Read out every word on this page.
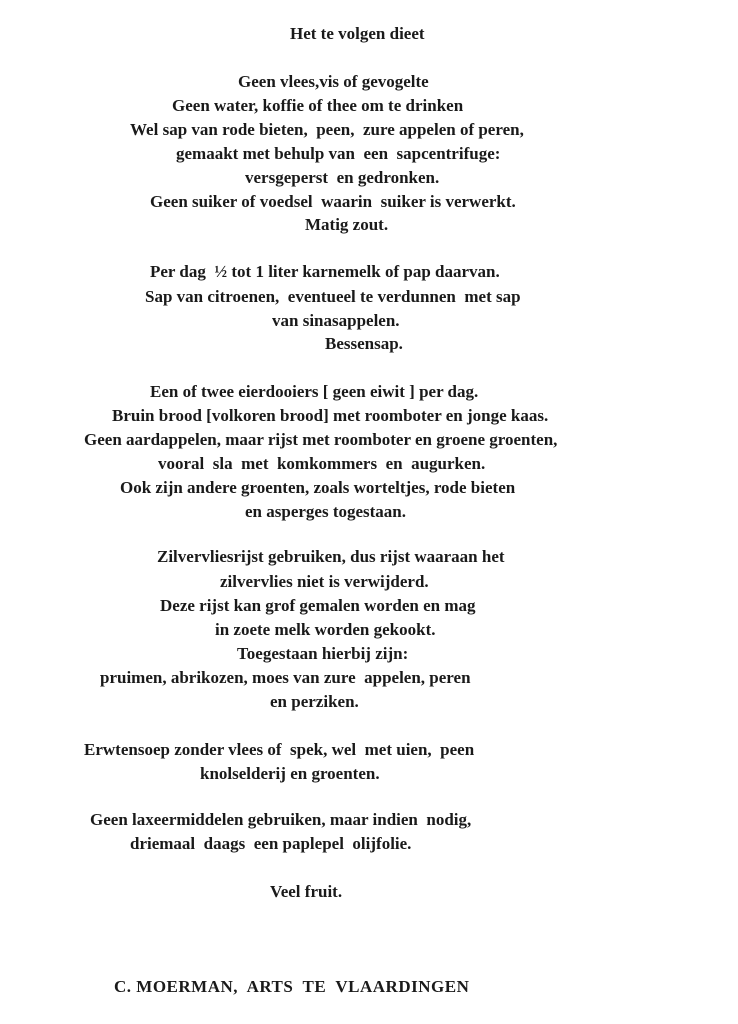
Het te volgen dieet

Geen vlees,vis of gevogelte

Geen water, koffie of thee om te drinken

Wel sap van rode bieten,  peen,  zure appelen of peren,

gemaakt met behulp van  een  sapcentrifuge:

versgeperst  en gedronken.

Geen suiker of voedsel  waarin  suiker is verwerkt.

Matig zout.

Per dag  ½ tot 1 liter karnemelk of pap daarvan.

Sap van citroenen,  eventueel te verdunnen  met sap

van sinasappelen.

Bessensap.

Een of twee eierdooiers [ geen eiwit ] per dag.

Bruin brood [volkoren brood] met roomboter en jonge kaas.

Geen aardappelen, maar rijst met roomboter en groene groenten,

vooral  sla  met  komkommers  en  augurken.

Ook zijn andere groenten, zoals worteltjes, rode bieten

en asperges togestaan.

Zilvervliesrijst gebruiken, dus rijst waaraan het

zilvervlies niet is verwijderd.

Deze rijst kan grof gemalen worden en mag

in zoete melk worden gekookt.

Toegestaan hierbij zijn:

pruimen, abrikozen, moes van zure  appelen, peren

en perziken.

Erwtensoep zonder vlees of  spek, wel  met uien,  peen

knolselderij en groenten.

Geen laxeermiddelen gebruiken, maar indien  nodig,

driemaal  daags  een paplepel  olijfolie.

Veel fruit.

C. MOERMAN,  ARTS  TE  VLAARDINGEN
